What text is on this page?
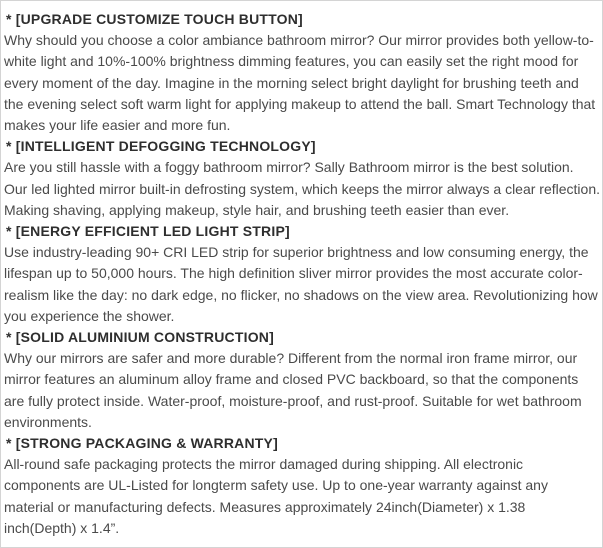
* [UPGRADE CUSTOMIZE TOUCH BUTTON]
Why should you choose a color ambiance bathroom mirror? Our mirror provides both yellow-to-white light and 10%-100% brightness dimming features, you can easily set the right mood for every moment of the day. Imagine in the morning select bright daylight for brushing teeth and the evening select soft warm light for applying makeup to attend the ball. Smart Technology that makes your life easier and more fun.
* [INTELLIGENT DEFOGGING TECHNOLOGY]
Are you still hassle with a foggy bathroom mirror? Sally Bathroom mirror is the best solution. Our led lighted mirror built-in defrosting system, which keeps the mirror always a clear reflection. Making shaving, applying makeup, style hair, and brushing teeth easier than ever.
* [ENERGY EFFICIENT LED LIGHT STRIP]
Use industry-leading 90+ CRI LED strip for superior brightness and low consuming energy, the lifespan up to 50,000 hours. The high definition sliver mirror provides the most accurate color-realism like the day: no dark edge, no flicker, no shadows on the view area. Revolutionizing how you experience the shower.
* [SOLID ALUMINIUM CONSTRUCTION]
Why our mirrors are safer and more durable? Different from the normal iron frame mirror, our mirror features an aluminum alloy frame and closed PVC backboard, so that the components are fully protect inside. Water-proof, moisture-proof, and rust-proof. Suitable for wet bathroom environments.
* [STRONG PACKAGING & WARRANTY]
All-round safe packaging protects the mirror damaged during shipping. All electronic components are UL-Listed for longterm safety use. Up to one-year warranty against any material or manufacturing defects. Measures approximately 24inch(Diameter) x 1.38 inch(Depth) x 1.4”.
